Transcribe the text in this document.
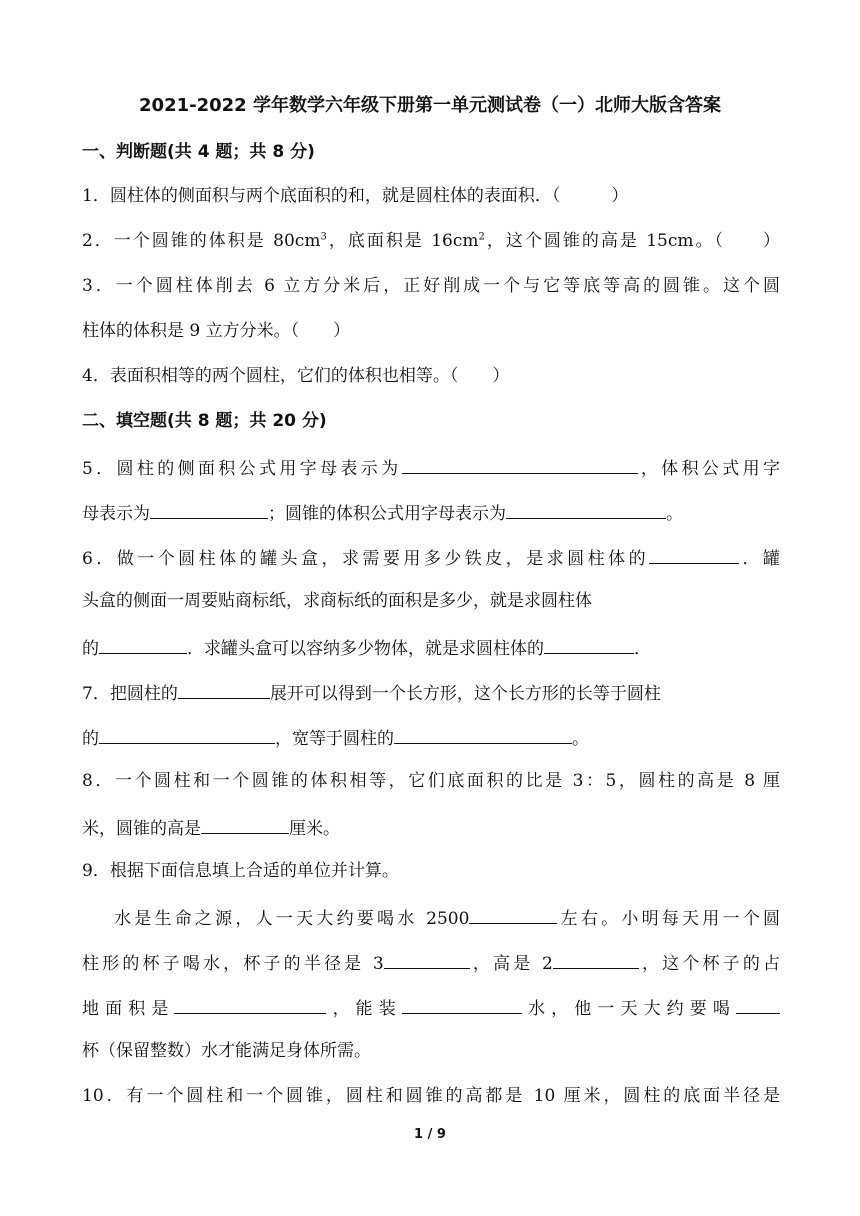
2021-2022 学年数学六年级下册第一单元测试卷（一）北师大版含答案
一、判断题(共 4 题；共 8 分)
1．圆柱体的侧面积与两个底面积的和，就是圆柱体的表面积．（　　　）
2．一个圆锥的体积是 $80cm^3$，底面积是 $16cm^2$，这个圆锥的高是 15cm。（　　）
3．一个圆柱体削去 6 立方分米后，正好削成一个与它等底等高的圆锥。这个圆
柱体的体积是 9 立方分米。（　　）
4．表面积相等的两个圆柱，它们的体积也相等。（　　）
二、填空题(共 8 题；共 20 分)
5．圆柱的侧面积公式用字母表示为	，体积公式用字
母表示为	；圆锥的体积公式用字母表示为	。
6．做一个圆柱体的罐头盒，求需要用多少铁皮，是求圆柱体的	．罐
头盒的侧面一周要贴商标纸，求商标纸的面积是多少，就是求圆柱体
的	．求罐头盒可以容纳多少物体，就是求圆柱体的	．
7．把圆柱的	展开可以得到一个长方形，这个长方形的长等于圆柱
的	，宽等于圆柱的	。
8．一个圆柱和一个圆锥的体积相等，它们底面积的比是 3：5，圆柱的高是 8 厘
米，圆锥的高是	厘米。
9．根据下面信息填上合适的单位并计算。
水是生命之源，人一天大约要喝水 2500	左右。小明每天用一个圆
柱形的杯子喝水，杯子的半径是 3	，高是 2	，这个杯子的占
地面积是	，能装	水，他一天大约要喝
杯（保留整数）水才能满足身体所需。
10．有一个圆柱和一个圆锥，圆柱和圆锥的高都是 10 厘米，圆柱的底面半径是
1 / 9
